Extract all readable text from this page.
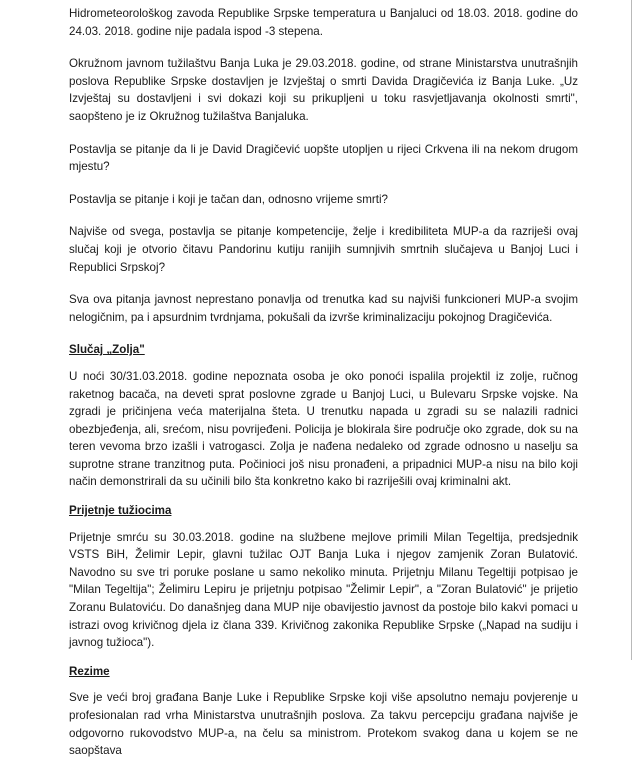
Hidrometeorološkog zavoda Republike Srpske temperatura u Banjaluci od 18.03. 2018. godine do 24.03. 2018. godine nije padala ispod -3 stepena.

Okružnom javnom tužilaštvu Banja Luka je 29.03.2018. godine, od strane Ministarstva unutrašnjih poslova Republike Srpske dostavljen je Izvještaj o smrti Davida Dragičevića iz Banja Luke. „Uz Izvještaj su dostavljeni i svi dokazi koji su prikupljeni u toku rasvjetljavanja okolnosti smrti", saopšteno je iz Okružnog tužilaštva Banjaluka.

Postavlja se pitanje da li je David Dragičević uopšte utopljen u rijeci Crkvena ili na nekom drugom mjestu?

Postavlja se pitanje i koji je tačan dan, odnosno vrijeme smrti?

Najviše od svega, postavlja se pitanje kompetencije, želje i kredibiliteta MUP-a da razriješi ovaj slučaj koji je otvorio čitavu Pandorinu kutiju ranijih sumnjivih smrtnih slučajeva u Banjoj Luci i Republici Srpskoj?

Sva ova pitanja javnost neprestano ponavlja od trenutka kad su najviši funkcioneri MUP-a svojim nelogičnim, pa i apsurdnim tvrdnjama, pokušali da izvrše kriminalizaciju pokojnog Dragičevića.

Slučaj „Zolja"

U noći 30/31.03.2018. godine nepoznata osoba je oko ponoći ispalila projektil iz zolje, ručnog raketnog bacača, na deveti sprat poslovne zgrade u Banjoj Luci, u Bulevaru Srpske vojske. Na zgradi je pričinjena veća materijalna šteta. U trenutku napada u zgradi su se nalazili radnici obezbjeđenja, ali, srećom, nisu povrijeđeni. Policija je blokirala šire područje oko zgrade, dok su na teren vevoma brzo izašli i vatrogasci. Zolja je nađena nedaleko od zgrade odnosno u naselju sa suprotne strane tranzitnog puta. Počinioci još nisu pronađeni, a pripadnici MUP-a nisu na bilo koji način demonstrirali da su učinili bilo šta konkretno kako bi razriješili ovaj kriminalni akt.

Prijetnje tužiocima

Prijetnje smrću su 30.03.2018. godine na službene mejlove primili Milan Tegeltija, predsjednik VSTS BiH, Želimir Lepir, glavni tužilac OJT Banja Luka i njegov zamjenik Zoran Bulatović. Navodno su sve tri poruke poslane u samo nekoliko minuta. Prijetnju Milanu Tegeltiji potpisao je "Milan Tegeltija"; Želimiru Lepiru je prijetnju potpisao "Želimir Lepir", a "Zoran Bulatović" je prijetio Zoranu Bulatoviću. Do današnjeg dana MUP nije obavijestio javnost da postoje bilo kakvi pomaci u istrazi ovog krivičnog djela iz člana 339. Krivičnog zakonika Republike Srpske („Napad na sudiju i javnog tužioca").

Rezime

Sve je veći broj građana Banje Luke i Republike Srpske koji više apsolutno nemaju povjerenje u profesionalan rad vrha Ministarstva unutrašnjih poslova. Za takvu percepciju građana najviše je odgovorno rukovodstvo MUP-a, na čelu sa ministrom. Protekom svakog dana u kojem se ne saopštava
